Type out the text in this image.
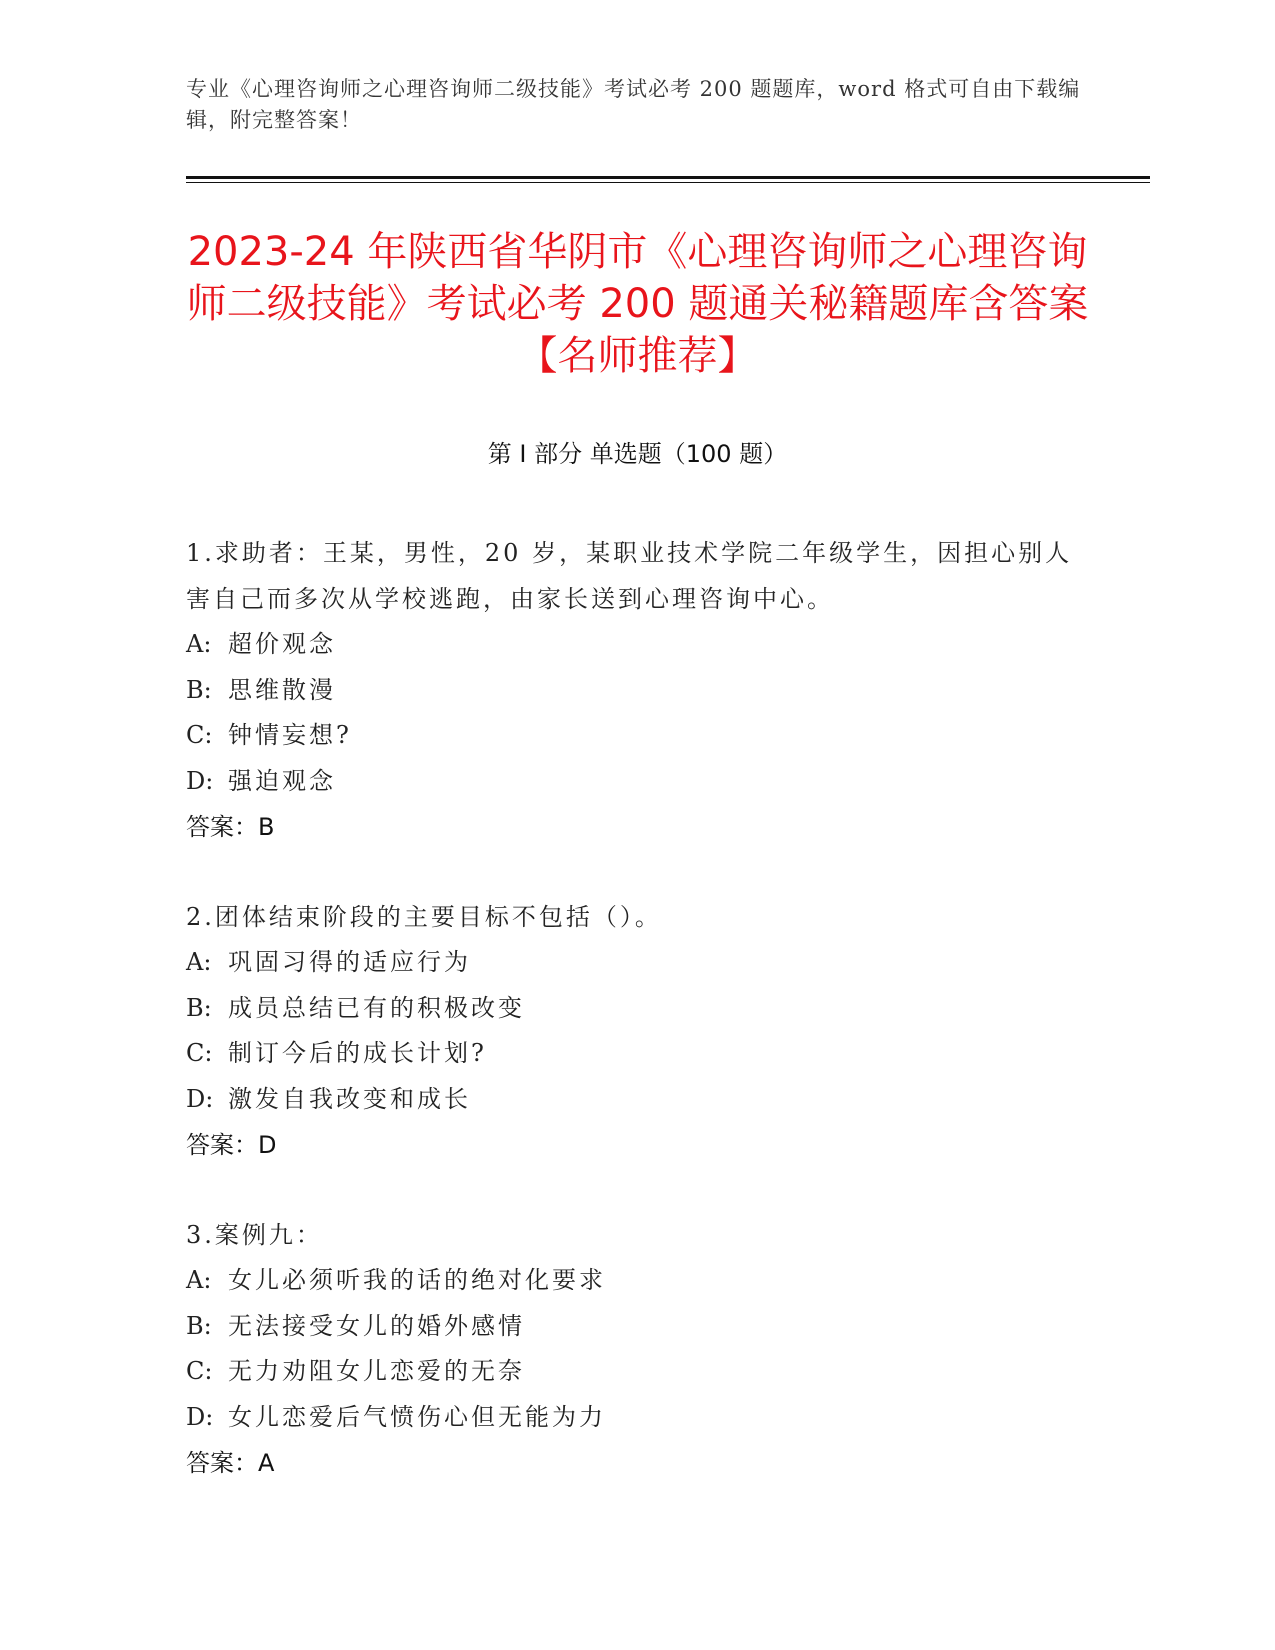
专业《心理咨询师之心理咨询师二级技能》考试必考 200 题题库，word 格式可自由下载编辑，附完整答案！
2023-24 年陕西省华阴市《心理咨询师之心理咨询师二级技能》考试必考 200 题通关秘籍题库含答案【名师推荐】
第 I 部分 单选题（100 题）
1.求助者：王某，男性，20 岁，某职业技术学院二年级学生，因担心别人害自己而多次从学校逃跑，由家长送到心理咨询中心。
A: 超价观念
B: 思维散漫
C: 钟情妄想?
D: 强迫观念
答案：B
2.团体结束阶段的主要目标不包括（）。
A: 巩固习得的适应行为
B: 成员总结已有的积极改变
C: 制订今后的成长计划?
D: 激发自我改变和成长
答案：D
3.案例九：
A: 女儿必须听我的话的绝对化要求
B: 无法接受女儿的婚外感情
C: 无力劝阻女儿恋爱的无奈
D: 女儿恋爱后气愤伤心但无能为力
答案：A
